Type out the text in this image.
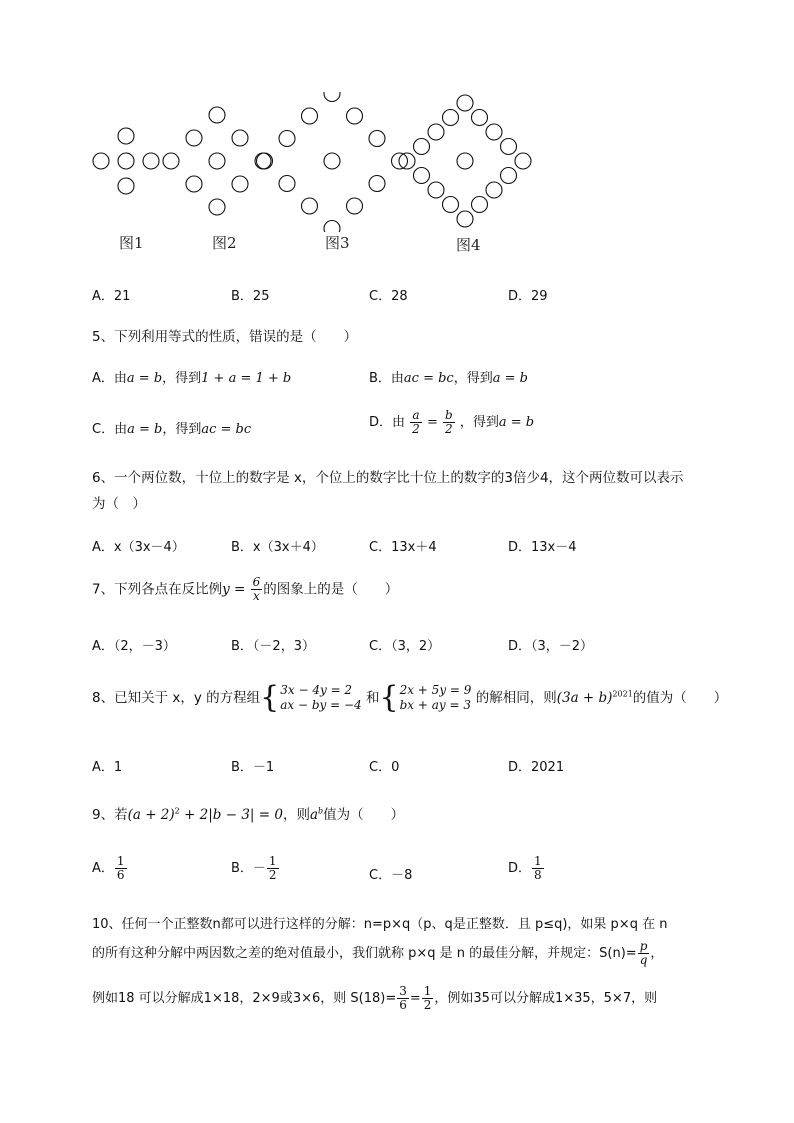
图1	图2	图3	图4
A．21	B．25	C．28	D．29
5、下列利用等式的性质，错误的是（　　）
A．由a = b，得到1 + a = 1 + b	B．由ac = bc，得到a = b
C．由a = b，得到ac = bc	D．由 $\frac{a}{2} = \frac{b}{2}$ ，得到a = b
6、一个两位数，十位上的数字是 x，个位上的数字比十位上的数字的3倍少4，这个两位数可以表示
为（　）
A．x（3x－4）	B．x（3x＋4）	C．13x＋4	D．13x－4
7、下列各点在反比例$y = \frac{6}{x}$ 的图象上的是（　　）
A．（2，－3）	B．（－2，3）	C．（3，2）	D．（3，－2）
8、已知关于 x，y 的方程组{3x − 4y = 2
ax − by = −4 和{2x + 5y = 9
bx + ay = 3 的解相同，则$(3a + b)^{2021}$的值为（　　）
A．1	B．－1	C．0	D．2021
9、若$(a + 2)^2 + 2|b - 3| = 0$，则$a^b$值为（　　）
A． $\frac{1}{6}$	B．－ $\frac{1}{2}$	C．－8	D． $\frac{1}{8}$
10、任何一个正整数n都可以进行这样的分解：n=p×q（p、q是正整数．且 p≤q)，如果 p×q 在 n
的所有这种分解中两因数之差的绝对值最小，我们就称 p×q 是 n 的最佳分解，并规定：$S(n)= \frac{p}{q}$ ，
例如18 可以分解成1×18，2×9或3×6，则 $S(18)= \frac{3}{6} = \frac{1}{2}$ ，例如35可以分解成1×35，5×7，则
